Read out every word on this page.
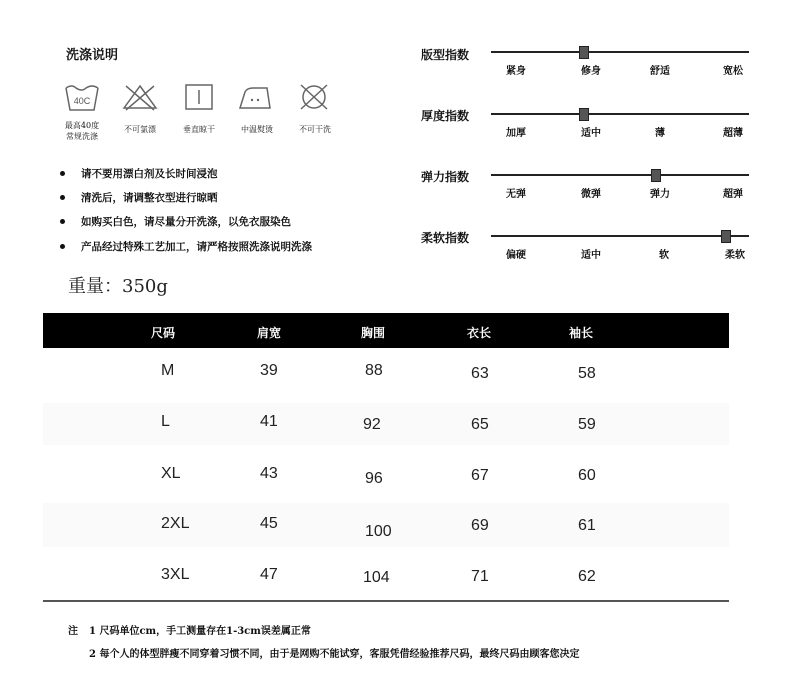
洗涤说明
40C
最高40度
常规洗涤
不可氯漂	垂直晾干	中温熨烫	不可干洗
请不要用漂白剂及长时间浸泡
清洗后，请调整衣型进行晾晒
如购买白色，请尽量分开洗涤，以免衣服染色
产品经过特殊工艺加工，请严格按照洗涤说明洗涤
重量：350g
版型指数
紧身	修身	舒适	宽松
厚度指数
加厚	适中	薄	超薄
弹力指数
无弹	微弹	弹力	超弹
柔软指数
偏硬	适中	软	柔软
尺码	肩宽	胸围	衣长	袖长
M	39	88	63	58
L	41	92	65	59
XL	43	96	67	60
2XL	45	100	69	61
3XL	47	104	71	62
注 1 尺码单位cm，手工测量存在1-3cm误差属正常
2 每个人的体型胖瘦不同穿着习惯不同，由于是网购不能试穿，客服凭借经验推荐尺码，最终尺码由顾客您决定
